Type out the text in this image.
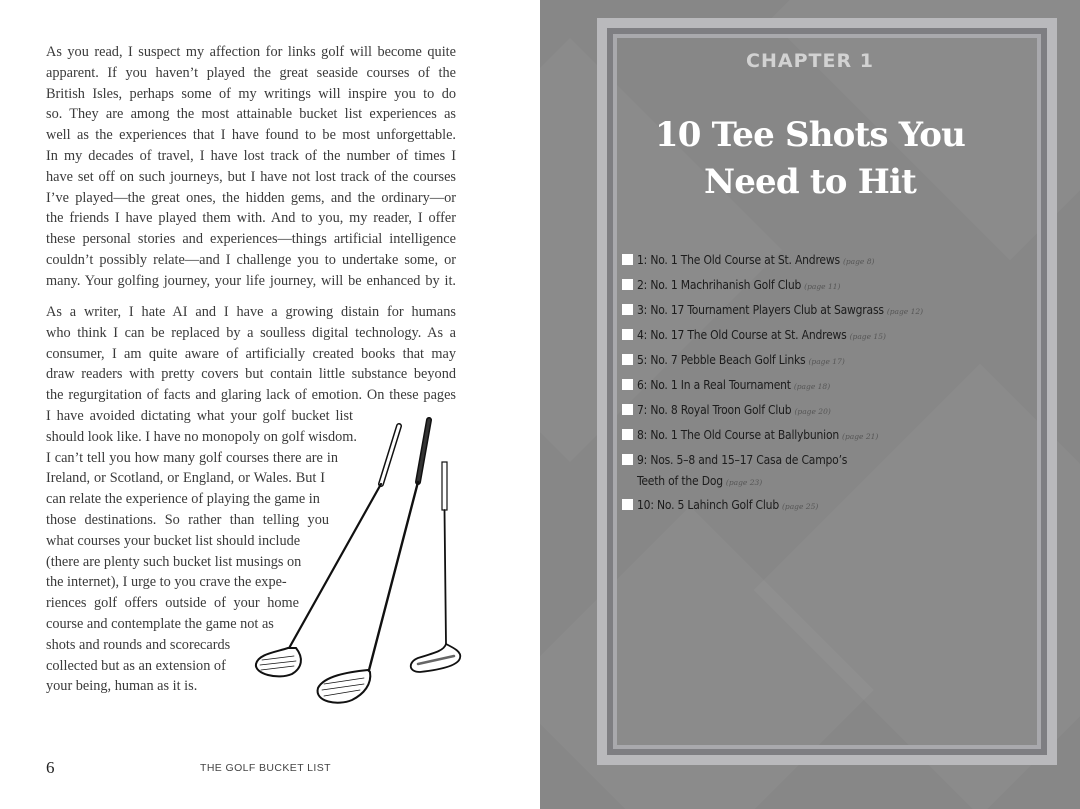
As you read, I suspect my affection for links golf will become quite
apparent. If you haven’t played the great seaside courses of the
British Isles, perhaps some of my writings will inspire you to do
so. They are among the most attainable bucket list experiences as
well as the experiences that I have found to be most unforgettable.
In my decades of travel, I have lost track of the number of times I
have set off on such journeys, but I have not lost track of the courses
I’ve played—the great ones, the hidden gems, and the ordinary—or
the friends I have played them with. And to you, my reader, I offer
these personal stories and experiences—things artificial intelligence
couldn’t possibly relate—and I challenge you to undertake some, or
many. Your golfing journey, your life journey, will be enhanced by it.
As a writer, I hate AI and I have a growing distain for humans
who think I can be replaced by a soulless digital technology. As a
consumer, I am quite aware of artificially created books that may
draw readers with pretty covers but contain little substance beyond
the regurgitation of facts and glaring lack of emotion. On these pages
I have avoided dictating what your golf bucket list
should look like. I have no monopoly on golf wisdom.
I can’t tell you how many golf courses there are in
Ireland, or Scotland, or England, or Wales. But I
can relate the experience of playing the game in
those destinations. So rather than telling you
what courses your bucket list should include
(there are plenty such bucket list musings on
the internet), I urge to you crave the expe-
riences golf offers outside of your home
course and contemplate the game not as
shots and rounds and scorecards
collected but as an extension of
your being, human as it is.
6	THE GOLF BUCKET LIST
CHAPTER 1
10 Tee Shots You
Need to Hit
1: No. 1 The Old Course at St. Andrews (page 8)
2: No. 1 Machrihanish Golf Club (page 11)
3: No. 17 Tournament Players Club at Sawgrass (page 12)
4: No. 17 The Old Course at St. Andrews (page 15)
5: No. 7 Pebble Beach Golf Links (page 17)
6: No. 1 In a Real Tournament (page 18)
7: No. 8 Royal Troon Golf Club (page 20)
8: No. 1 The Old Course at Ballybunion (page 21)
9: Nos. 5–8 and 15–17 Casa de Campo’s
Teeth of the Dog (page 23)
10: No. 5 Lahinch Golf Club (page 25)
